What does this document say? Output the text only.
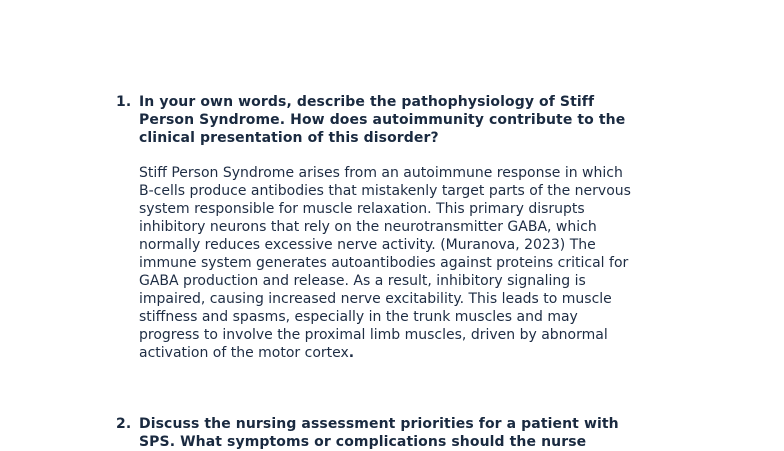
1. In your own words, describe the pathophysiology of Stiff
Person Syndrome. How does autoimmunity contribute to the
clinical presentation of this disorder?
Stiff Person Syndrome arises from an autoimmune response in which
B-cells produce antibodies that mistakenly target parts of the nervous
system responsible for muscle relaxation. This primary disrupts
inhibitory neurons that rely on the neurotransmitter GABA, which
normally reduces excessive nerve activity. (Muranova, 2023) The
immune system generates autoantibodies against proteins critical for
GABA production and release. As a result, inhibitory signaling is
impaired, causing increased nerve excitability. This leads to muscle
stiffness and spasms, especially in the trunk muscles and may
progress to involve the proximal limb muscles, driven by abnormal
activation of the motor cortex.
2. Discuss the nursing assessment priorities for a patient with
SPS. What symptoms or complications should the nurse
